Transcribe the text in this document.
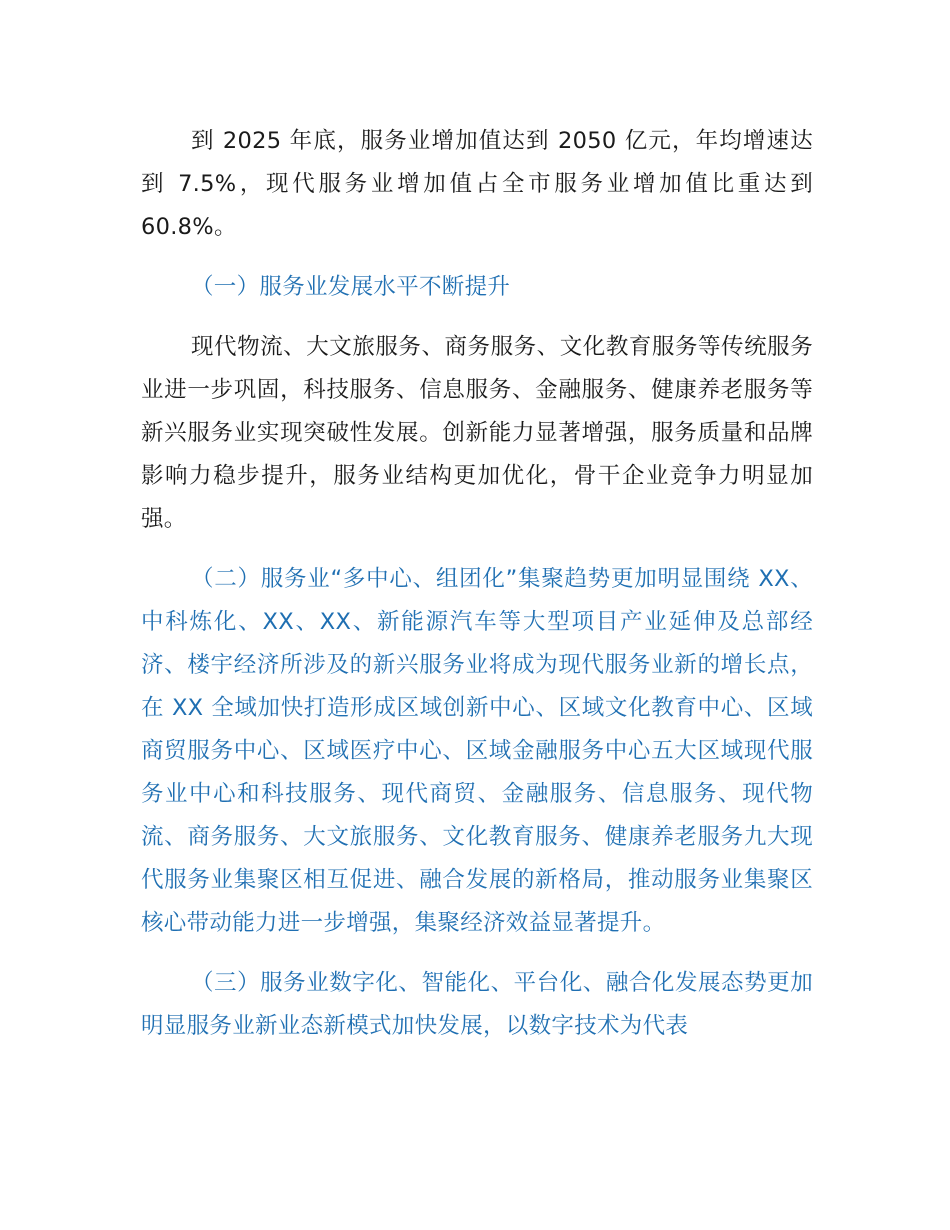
到 2025 年底，服务业增加值达到 2050 亿元，年均增速达到 7.5%，现代服务业增加值占全市服务业增加值比重达到 60.8%。

（一）服务业发展水平不断提升

现代物流、大文旅服务、商务服务、文化教育服务等传统服务业进一步巩固，科技服务、信息服务、金融服务、健康养老服务等新兴服务业实现突破性发展。创新能力显著增强，服务质量和品牌影响力稳步提升，服务业结构更加优化，骨干企业竞争力明显加强。

（二）服务业“多中心、组团化”集聚趋势更加明显围绕 XX、中科炼化、XX、XX、新能源汽车等大型项目产业延伸及总部经济、楼宇经济所涉及的新兴服务业将成为现代服务业新的增长点，在 XX 全域加快打造形成区域创新中心、区域文化教育中心、区域商贸服务中心、区域医疗中心、区域金融服务中心五大区域现代服务业中心和科技服务、现代商贸、金融服务、信息服务、现代物流、商务服务、大文旅服务、文化教育服务、健康养老服务九大现代服务业集聚区相互促进、融合发展的新格局，推动服务业集聚区核心带动能力进一步增强，集聚经济效益显著提升。

（三）服务业数字化、智能化、平台化、融合化发展态势更加明显服务业新业态新模式加快发展，以数字技术为代表
